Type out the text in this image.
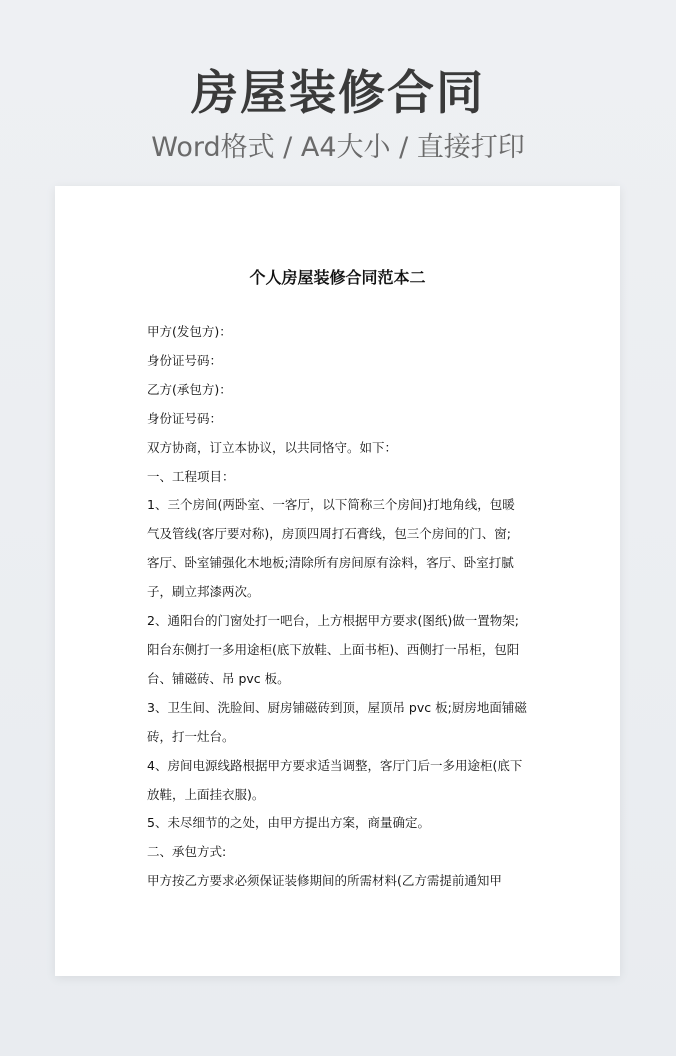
房屋装修合同
Word格式 / A4大小 / 直接打印
个人房屋装修合同范本二
甲方(发包方)：
身份证号码：
乙方(承包方)：
身份证号码：
双方协商，订立本协议，以共同恪守。如下：
一、工程项目：
1、三个房间(两卧室、一客厅，以下简称三个房间)打地角线，包暖
气及管线(客厅要对称)，房顶四周打石膏线，包三个房间的门、窗;
客厅、卧室铺强化木地板;清除所有房间原有涂料，客厅、卧室打腻
子，刷立邦漆两次。
2、通阳台的门窗处打一吧台，上方根据甲方要求(图纸)做一置物架;
阳台东侧打一多用途柜(底下放鞋、上面书柜)、西侧打一吊柜，包阳
台、铺磁砖、吊 pvc 板。
3、卫生间、洗脸间、厨房铺磁砖到顶，屋顶吊 pvc 板;厨房地面铺磁
砖，打一灶台。
4、房间电源线路根据甲方要求适当调整，客厅门后一多用途柜(底下
放鞋，上面挂衣服)。
5、未尽细节的之处，由甲方提出方案，商量确定。
二、承包方式:
甲方按乙方要求必须保证装修期间的所需材料(乙方需提前通知甲
